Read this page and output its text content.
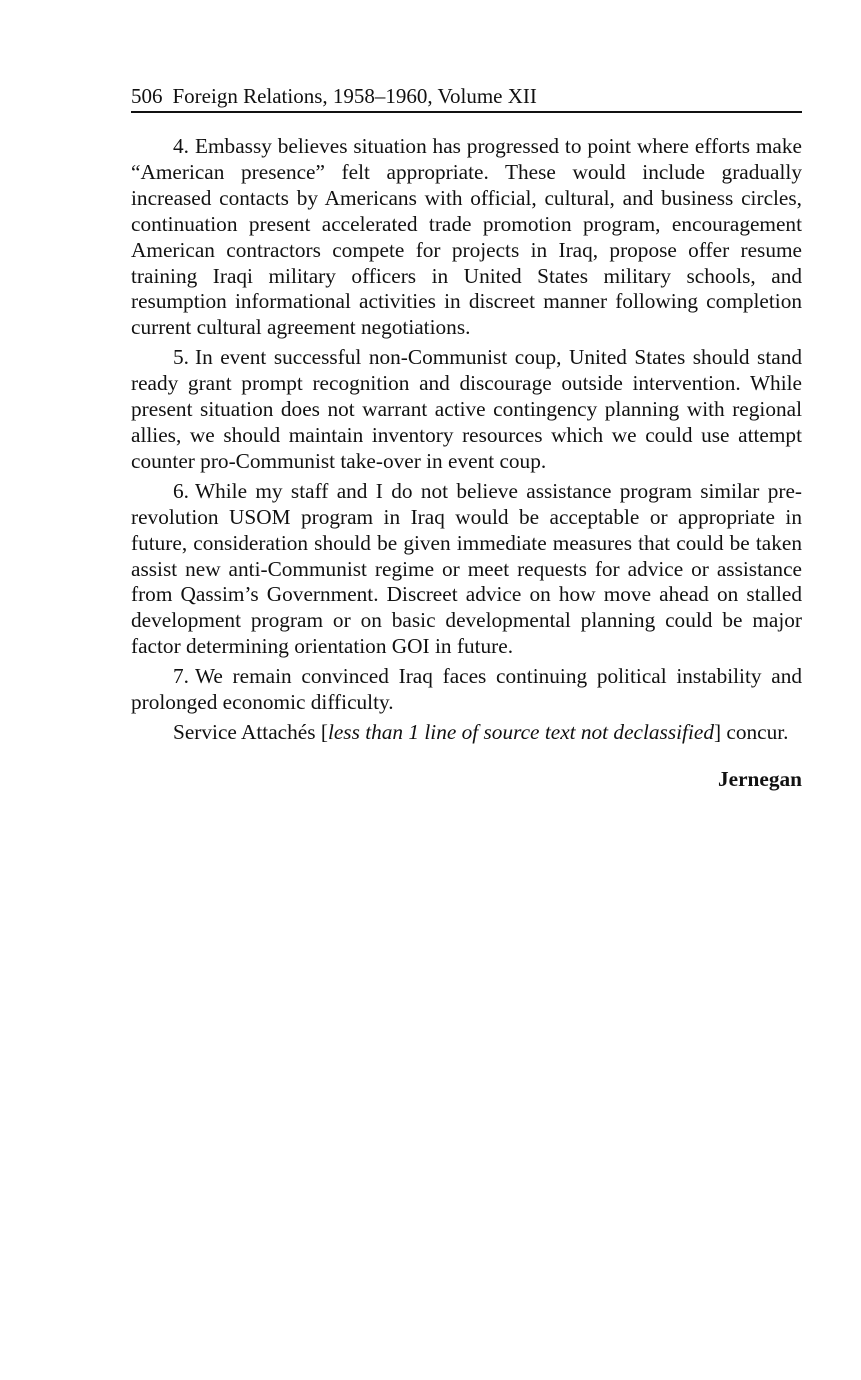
506 Foreign Relations, 1958–1960, Volume XII

4. Embassy believes situation has progressed to point where efforts make “American presence” felt appropriate. These would include gradually increased contacts by Americans with official, cultural, and business circles, continuation present accelerated trade promotion program, encouragement American contractors compete for projects in Iraq, propose offer resume training Iraqi military officers in United States military schools, and resumption informational activities in discreet manner following completion current cultural agreement negotiations.

5. In event successful non-Communist coup, United States should stand ready grant prompt recognition and discourage outside intervention. While present situation does not warrant active contingency planning with regional allies, we should maintain inventory resources which we could use attempt counter pro-Communist take-over in event coup.

6. While my staff and I do not believe assistance program similar pre-revolution USOM program in Iraq would be acceptable or appropriate in future, consideration should be given immediate measures that could be taken assist new anti-Communist regime or meet requests for advice or assistance from Qassim’s Government. Discreet advice on how move ahead on stalled development program or on basic developmental planning could be major factor determining orientation GOI in future.

7. We remain convinced Iraq faces continuing political instability and prolonged economic difficulty.

Service Attachés [less than 1 line of source text not declassified] concur.

Jernegan
